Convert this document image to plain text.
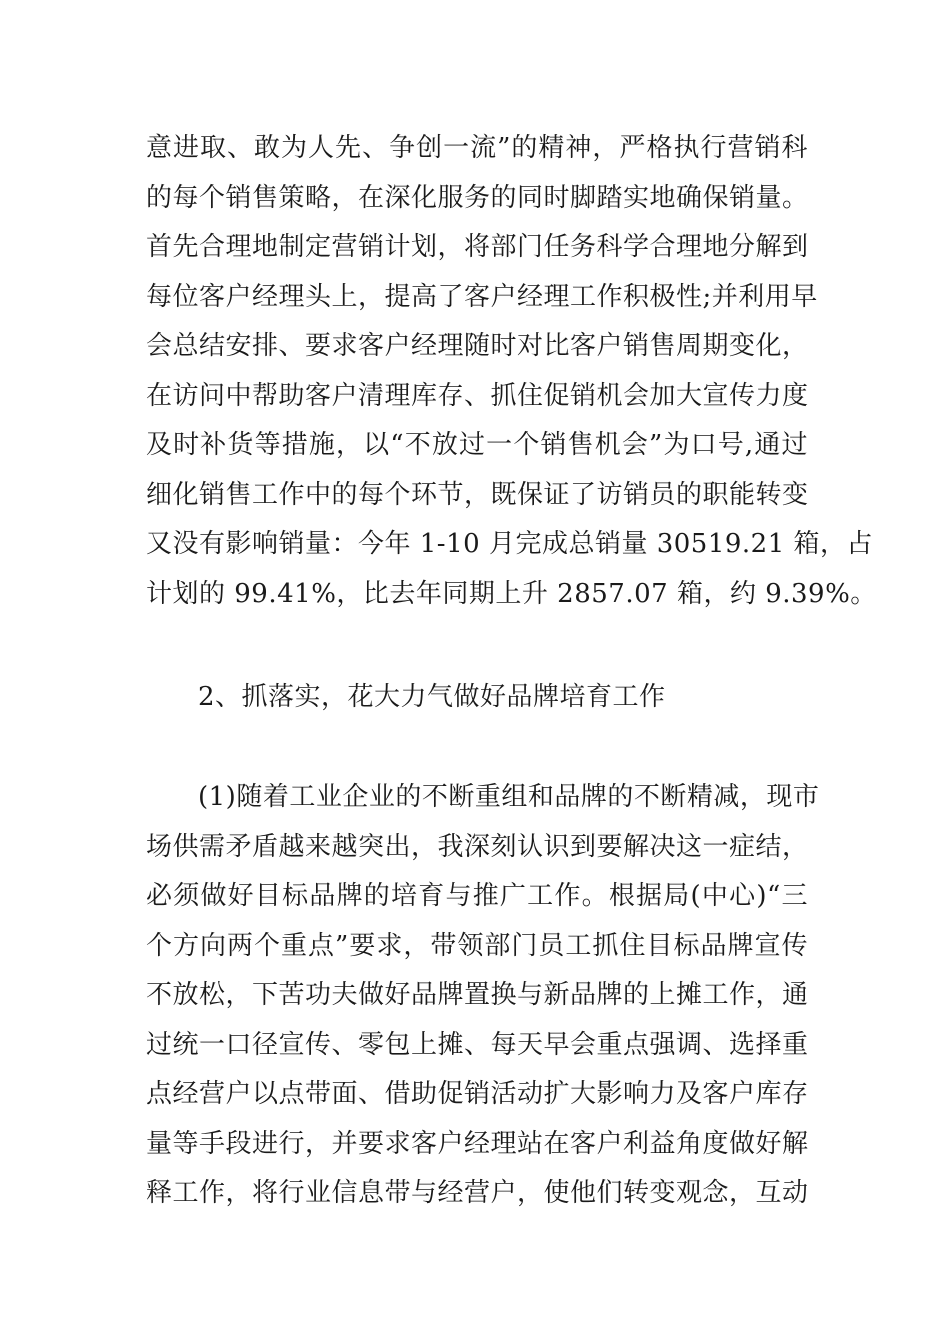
意进取、敢为人先、争创一流”的精神，严格执行营销科
的每个销售策略，在深化服务的同时脚踏实地确保销量。
首先合理地制定营销计划，将部门任务科学合理地分解到
每位客户经理头上，提高了客户经理工作积极性;并利用早
会总结安排、要求客户经理随时对比客户销售周期变化，
在访问中帮助客户清理库存、抓住促销机会加大宣传力度
及时补货等措施，以“不放过一个销售机会”为口号,通过
细化销售工作中的每个环节，既保证了访销员的职能转变
又没有影响销量：今年 1-10 月完成总销量 30519.21 箱，占
计划的 99.41%，比去年同期上升 2857.07 箱，约 9.39%。
2、抓落实，花大力气做好品牌培育工作
(1)随着工业企业的不断重组和品牌的不断精减，现市
场供需矛盾越来越突出，我深刻认识到要解决这一症结，
必须做好目标品牌的培育与推广工作。根据局(中心)“三
个方向两个重点”要求，带领部门员工抓住目标品牌宣传
不放松，下苦功夫做好品牌置换与新品牌的上摊工作，通
过统一口径宣传、零包上摊、每天早会重点强调、选择重
点经营户以点带面、借助促销活动扩大影响力及客户库存
量等手段进行，并要求客户经理站在客户利益角度做好解
释工作，将行业信息带与经营户，使他们转变观念，互动
